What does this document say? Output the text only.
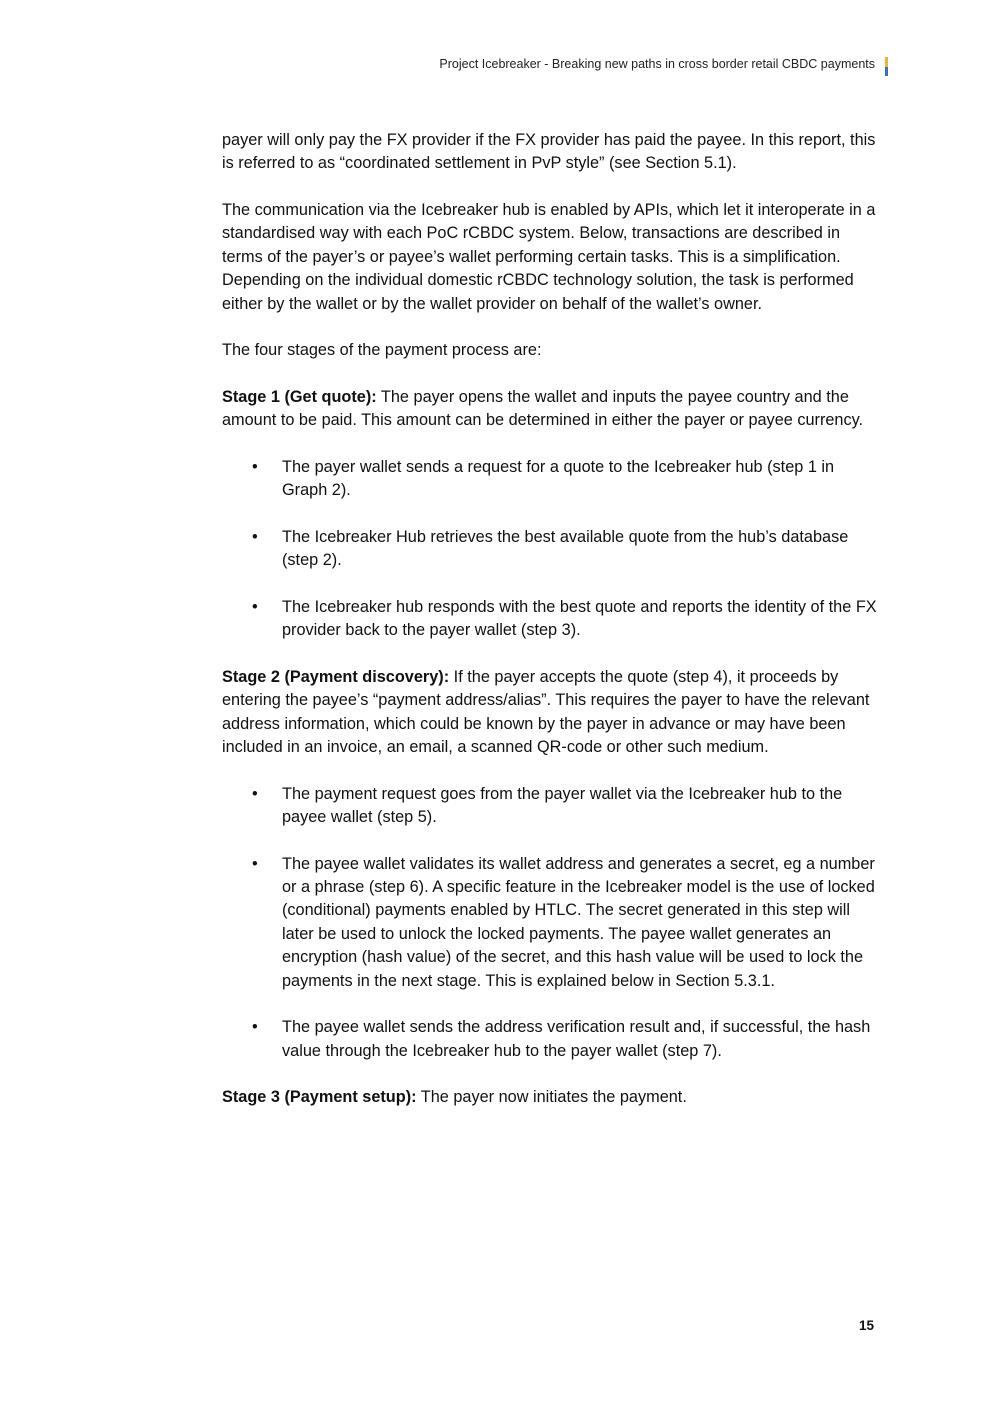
Project Icebreaker - Breaking new paths in cross border retail CBDC payments

payer will only pay the FX provider if the FX provider has paid the payee. In this report, this is referred to as “coordinated settlement in PvP style” (see Section 5.1).

The communication via the Icebreaker hub is enabled by APIs, which let it interoperate in a standardised way with each PoC rCBDC system. Below, transactions are described in terms of the payer’s or payee’s wallet performing certain tasks. This is a simplification. Depending on the individual domestic rCBDC technology solution, the task is performed either by the wallet or by the wallet provider on behalf of the wallet’s owner.

The four stages of the payment process are:

Stage 1 (Get quote): The payer opens the wallet and inputs the payee country and the amount to be paid. This amount can be determined in either the payer or payee currency.

• The payer wallet sends a request for a quote to the Icebreaker hub (step 1 in Graph 2).
• The Icebreaker Hub retrieves the best available quote from the hub’s database (step 2).
• The Icebreaker hub responds with the best quote and reports the identity of the FX provider back to the payer wallet (step 3).

Stage 2 (Payment discovery): If the payer accepts the quote (step 4), it proceeds by entering the payee’s “payment address/alias”. This requires the payer to have the relevant address information, which could be known by the payer in advance or may have been included in an invoice, an email, a scanned QR-code or other such medium.

• The payment request goes from the payer wallet via the Icebreaker hub to the payee wallet (step 5).
• The payee wallet validates its wallet address and generates a secret, eg a number or a phrase (step 6). A specific feature in the Icebreaker model is the use of locked (conditional) payments enabled by HTLC. The secret generated in this step will later be used to unlock the locked payments. The payee wallet generates an encryption (hash value) of the secret, and this hash value will be used to lock the payments in the next stage. This is explained below in Section 5.3.1.
• The payee wallet sends the address verification result and, if successful, the hash value through the Icebreaker hub to the payer wallet (step 7).

Stage 3 (Payment setup): The payer now initiates the payment.

15
